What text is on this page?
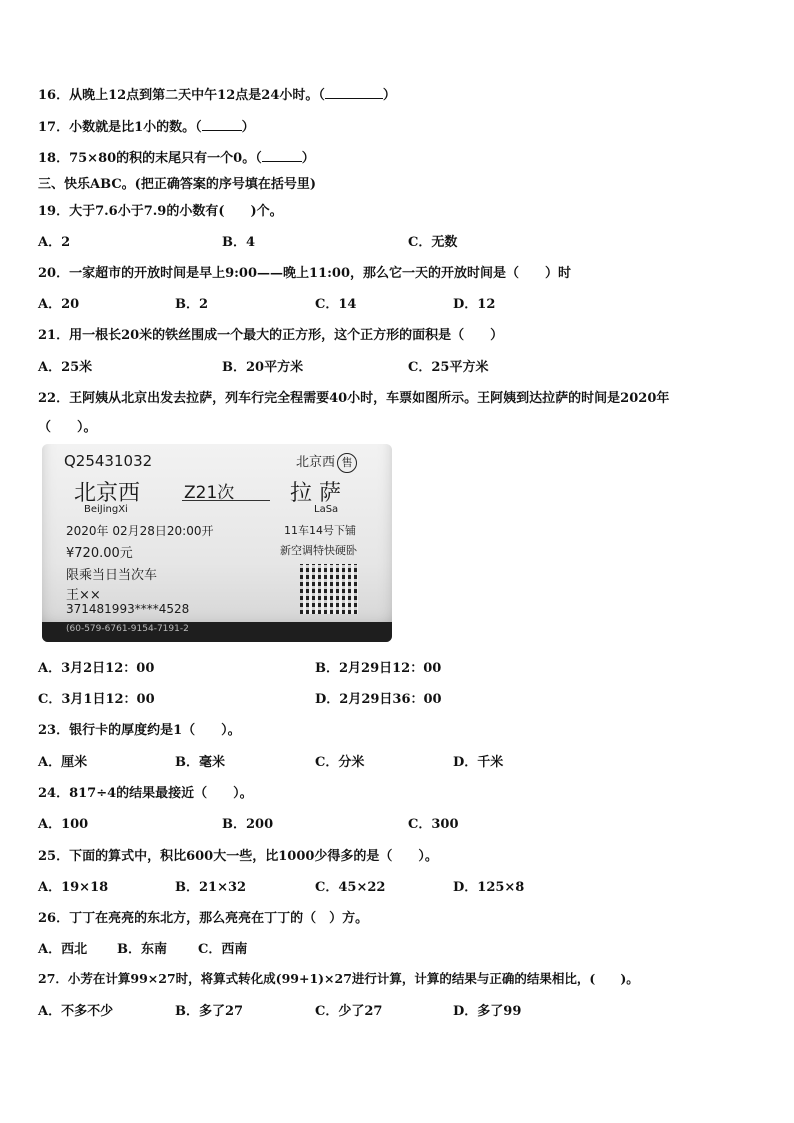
16．从晚上12点到第二天中午12点是24小时。（	）
17．小数就是比1小的数。（	）
18．75×80的积的末尾只有一个0。（	）
三、快乐ABC。(把正确答案的序号填在括号里)
19．大于7.6小于7.9的小数有(　　)个。
A．2	B．4	C．无数
20．一家超市的开放时间是早上9:00——晚上11:00，那么它一天的开放时间是（　　）时
A．20	B．2	C．14	D．12
21．用一根长20米的铁丝围成一个最大的正方形，这个正方形的面积是（　　）
A．25米	B．20平方米	C．25平方米
22．王阿姨从北京出发去拉萨，列车行完全程需要40小时，车票如图所示。王阿姨到达拉萨的时间是2020年
（　　）。
Q25431032	北京西 售
北京西
BeiJingXi
Z21次	拉 萨
LaSa
2020年 02月28日20:00开	11车14号下铺
¥720.00元	新空调特快硬卧
限乘当日当次车
王××
371481993****4528
(60-579-6761-9154-7191-2
A．3月2日12：00	B．2月29日12：00
C．3月1日12：00	D．2月29日36：00
23．银行卡的厚度约是1（　　）。
A．厘米	B．毫米	C．分米	D．千米
24．817÷4的结果最接近（　　）。
A．100	B．200	C．300
25．下面的算式中，积比600大一些，比1000少得多的是（　　）。
A．19×18	B．21×32	C．45×22	D．125×8
26．丁丁在亮亮的东北方，那么亮亮在丁丁的（　）方。
A．西北 B．东南 C．西南
27．小芳在计算99×27时，将算式转化成(99+1)×27进行计算，计算的结果与正确的结果相比，(　　)。
A．不多不少	B．多了27	C．少了27	D．多了99
